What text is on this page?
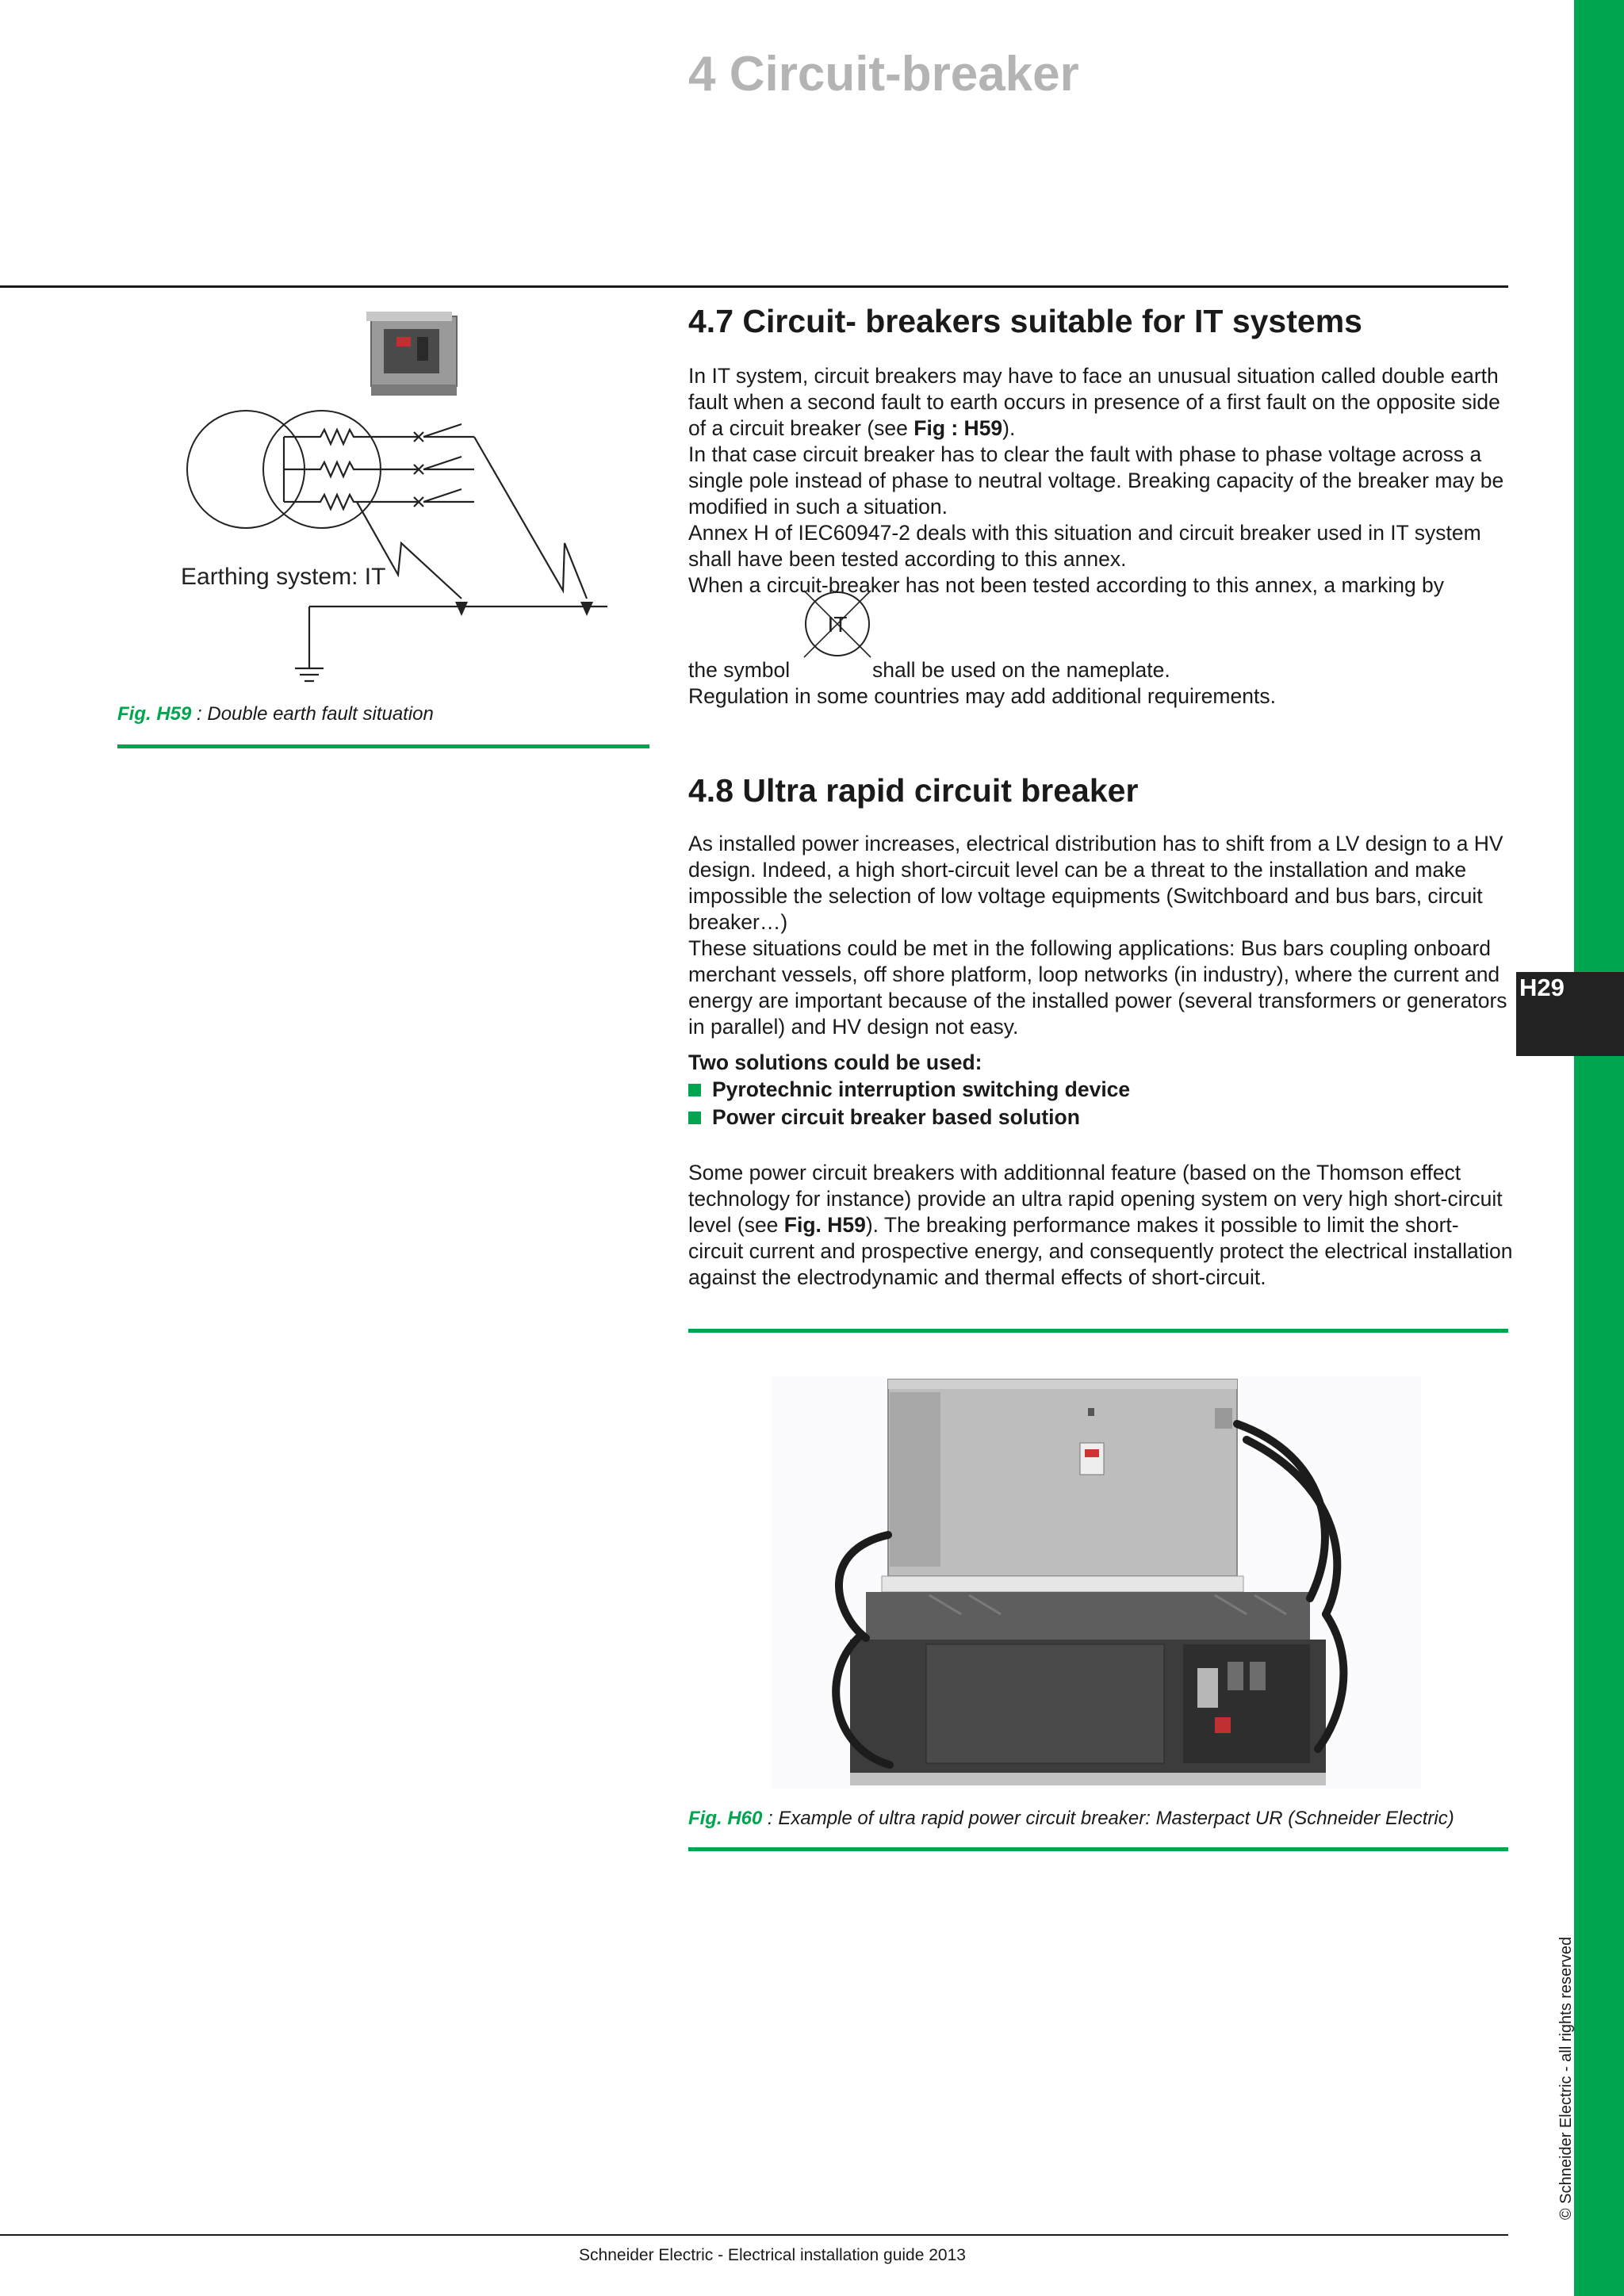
H29
© Schneider Electric - all rights reserved
4 Circuit-breaker
Earthing system: IT
Fig. H59 : Double earth fault situation
4.7 Circuit- breakers suitable for IT systems

In IT system, circuit breakers may have to face an unusual situation called double earth fault when a second fault to earth occurs in presence of a first fault on the opposite side of a circuit breaker (see Fig : H59).

In that case circuit breaker has to clear the fault with phase to phase voltage across a single pole instead of phase to neutral voltage. Breaking capacity of the breaker may be modified in such a situation.

Annex H of IEC60947-2 deals with this situation and circuit breaker used in IT system shall have been tested according to this annex.

When a circuit-breaker has not been tested according to this annex, a marking by

the symbol
IT
shall be used on the nameplate.

Regulation in some countries may add additional requirements.

4.8 Ultra rapid circuit breaker

As installed power increases, electrical distribution has to shift from a LV design to a HV design. Indeed, a high short-circuit level can be a threat to the installation and make impossible the selection of low voltage equipments (Switchboard and bus bars, circuit breaker…)

These situations could be met in the following applications: Bus bars coupling onboard merchant vessels, off shore platform, loop networks (in industry), where the current and energy are important because of the installed power (several transformers or generators in parallel) and HV design not easy.

Two solutions could be used:

Pyrotechnic interruption switching device
Power circuit breaker based solution

Some power circuit breakers with additionnal feature (based on the Thomson effect technology for instance) provide an ultra rapid opening system on very high short-circuit level (see Fig. H59). The breaking performance makes it possible to limit the short-circuit current and prospective energy, and consequently protect the electrical installation against the electrodynamic and thermal effects of short-circuit.

Fig. H60 : Example of ultra rapid power circuit breaker: Masterpact UR (Schneider Electric)
Schneider Electric - Electrical installation guide 2013
